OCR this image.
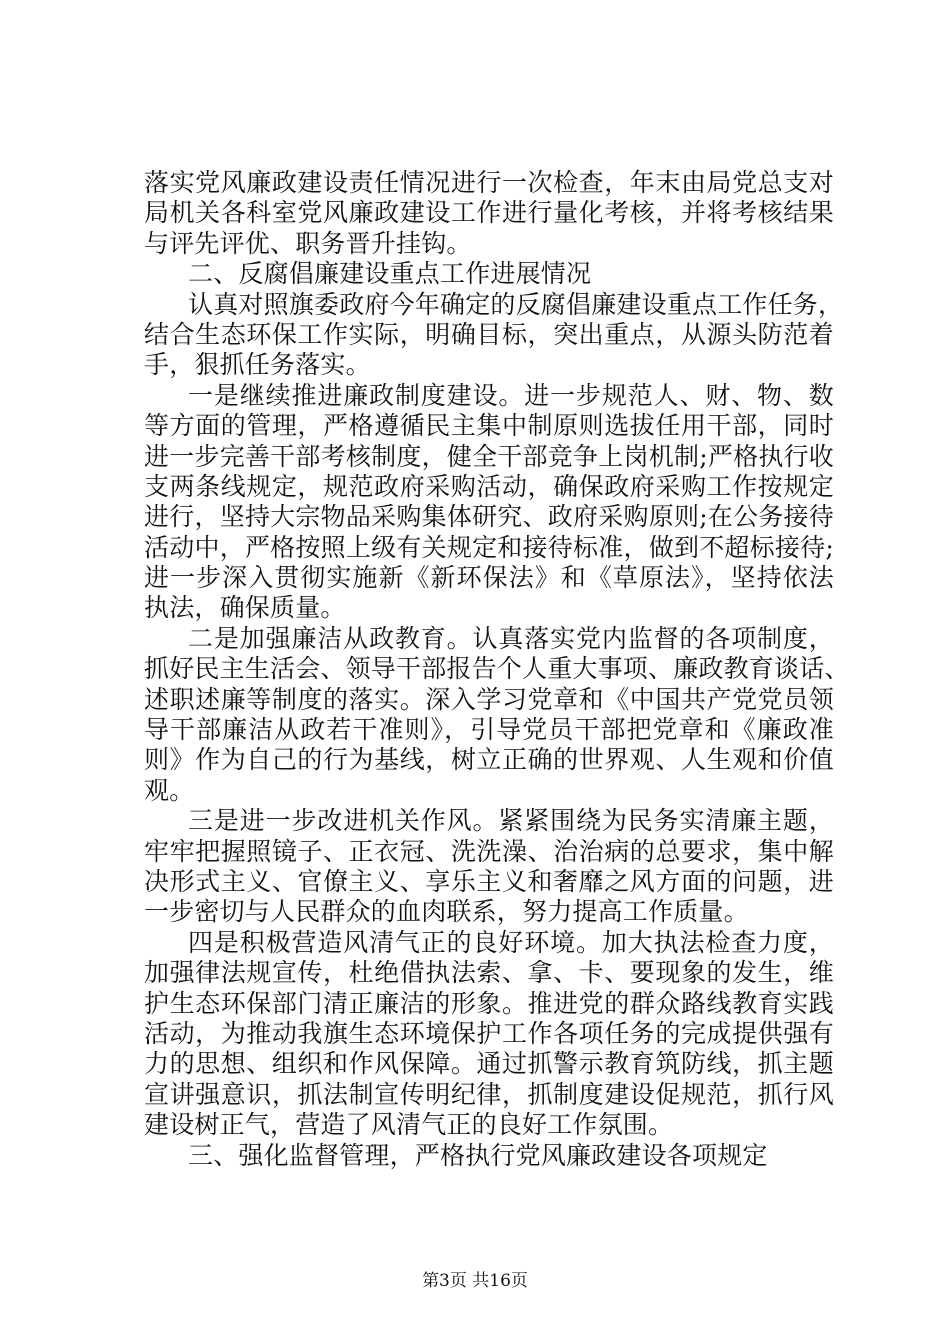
落实党风廉政建设责任情况进行一次检查，年末由局党总支对
局机关各科室党风廉政建设工作进行量化考核，并将考核结果
与评先评优、职务晋升挂钩。
二、反腐倡廉建设重点工作进展情况
认真对照旗委政府今年确定的反腐倡廉建设重点工作任务，
结合生态环保工作实际，明确目标，突出重点，从源头防范着
手，狠抓任务落实。
一是继续推进廉政制度建设。进一步规范人、财、物、数
等方面的管理，严格遵循民主集中制原则选拔任用干部，同时
进一步完善干部考核制度，健全干部竞争上岗机制;严格执行收
支两条线规定，规范政府采购活动，确保政府采购工作按规定
进行，坚持大宗物品采购集体研究、政府采购原则;在公务接待
活动中，严格按照上级有关规定和接待标准，做到不超标接待;
进一步深入贯彻实施新《新环保法》和《草原法》，坚持依法
执法，确保质量。
二是加强廉洁从政教育。认真落实党内监督的各项制度，
抓好民主生活会、领导干部报告个人重大事项、廉政教育谈话、
述职述廉等制度的落实。深入学习党章和《中国共产党党员领
导干部廉洁从政若干准则》，引导党员干部把党章和《廉政准
则》作为自己的行为基线，树立正确的世界观、人生观和价值
观。
三是进一步改进机关作风。紧紧围绕为民务实清廉主题，
牢牢把握照镜子、正衣冠、洗洗澡、治治病的总要求，集中解
决形式主义、官僚主义、享乐主义和奢靡之风方面的问题，进
一步密切与人民群众的血肉联系，努力提高工作质量。
四是积极营造风清气正的良好环境。加大执法检查力度，
加强律法规宣传，杜绝借执法索、拿、卡、要现象的发生，维
护生态环保部门清正廉洁的形象。推进党的群众路线教育实践
活动，为推动我旗生态环境保护工作各项任务的完成提供强有
力的思想、组织和作风保障。通过抓警示教育筑防线，抓主题
宣讲强意识，抓法制宣传明纪律，抓制度建设促规范，抓行风
建设树正气，营造了风清气正的良好工作氛围。
三、强化监督管理，严格执行党风廉政建设各项规定
第3页 共16页
